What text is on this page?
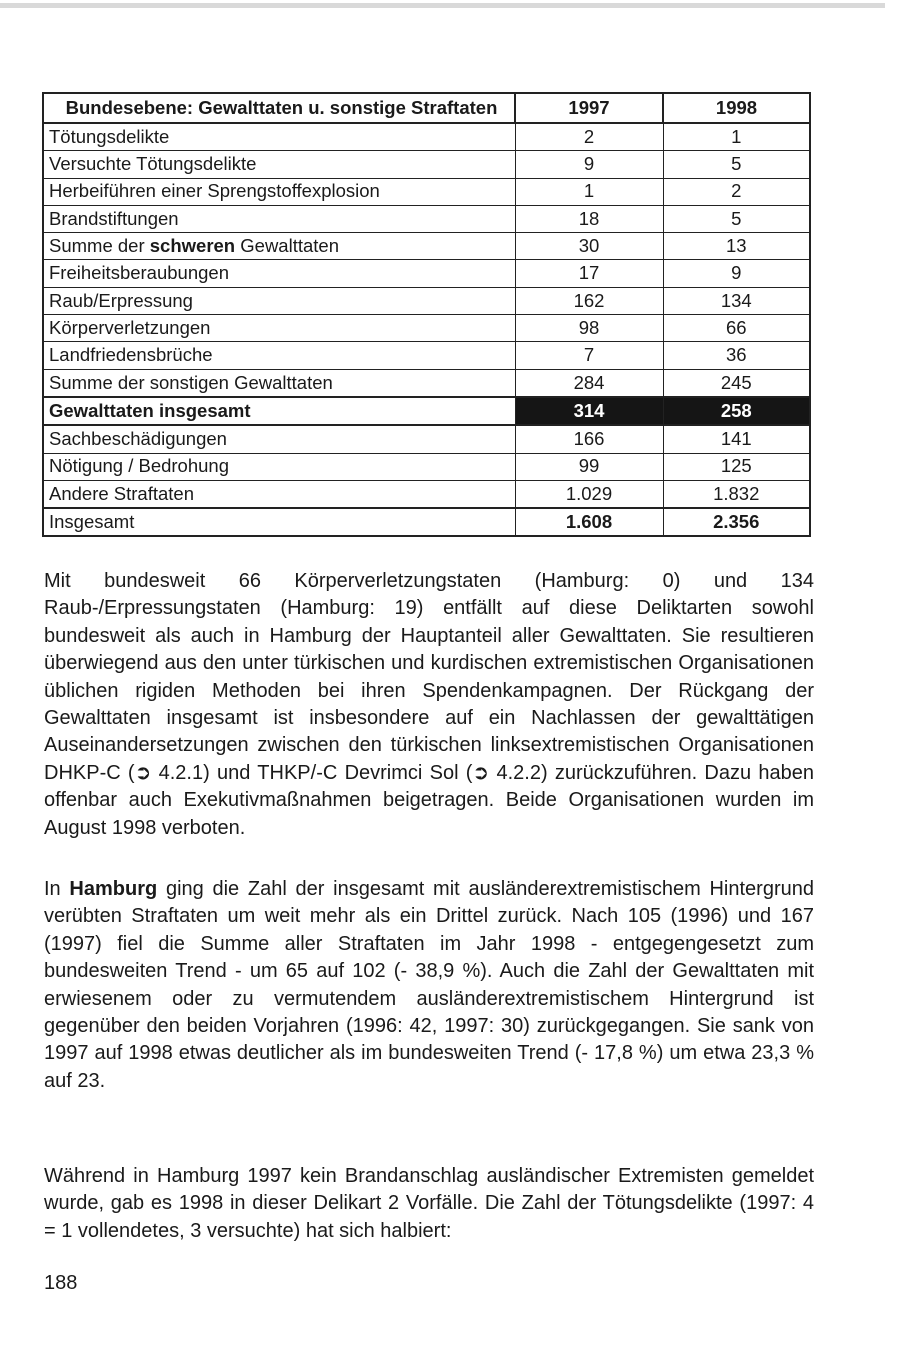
Bundesebene: Gewalttaten u. sonstige Straftaten	1997	1998
Tötungsdelikte	2	1
Versuchte Tötungsdelikte	9	5
Herbeiführen einer Sprengstoffexplosion	1	2
Brandstiftungen	18	5
Summe der schweren Gewalttaten	30	13
Freiheitsberaubungen	17	9
Raub/Erpressung	162	134
Körperverletzungen	98	66
Landfriedensbrüche	7	36
Summe der sonstigen Gewalttaten	284	245
Gewalttaten insgesamt	314	258
Sachbeschädigungen	166	141
Nötigung / Bedrohung	99	125
Andere Straftaten	1.029	1.832
Insgesamt	1.608	2.356

Mit bundesweit 66 Körperverletzungstaten (Hamburg: 0) und 134 Raub-/Erpressungstaten (Hamburg: 19) entfällt auf diese Deliktarten sowohl bundesweit als auch in Hamburg der Hauptanteil aller Gewalttaten. Sie resultieren überwiegend aus den unter türkischen und kurdischen extremistischen Organisationen üblichen rigiden Methoden bei ihren Spendenkampagnen. Der Rückgang der Gewalttaten insgesamt ist insbesondere auf ein Nachlassen der gewalttätigen Auseinandersetzungen zwischen den türkischen linksextremistischen Organisationen DHKP-C (➲ 4.2.1) und THKP/-C Devrimci Sol (➲ 4.2.2) zurückzuführen. Dazu haben offenbar auch Exekutivmaßnahmen beigetragen. Beide Organisationen wurden im August 1998 verboten.

In Hamburg ging die Zahl der insgesamt mit ausländerextremistischem Hintergrund verübten Straftaten um weit mehr als ein Drittel zurück. Nach 105 (1996) und 167 (1997) fiel die Summe aller Straftaten im Jahr 1998 - entgegengesetzt zum bundesweiten Trend - um 65 auf 102 (- 38,9 %). Auch die Zahl der Gewalttaten mit erwiesenem oder zu vermutendem ausländerextremistischem Hintergrund ist gegenüber den beiden Vorjahren (1996: 42, 1997: 30) zurückgegangen. Sie sank von 1997 auf 1998 etwas deutlicher als im bundesweiten Trend (- 17,8 %) um etwa 23,3 % auf 23.

Während in Hamburg 1997 kein Brandanschlag ausländischer Extremisten gemeldet wurde, gab es 1998 in dieser Delikart 2 Vorfälle. Die Zahl der Tötungsdelikte (1997: 4 = 1 vollendetes, 3 versuchte) hat sich halbiert:

188
